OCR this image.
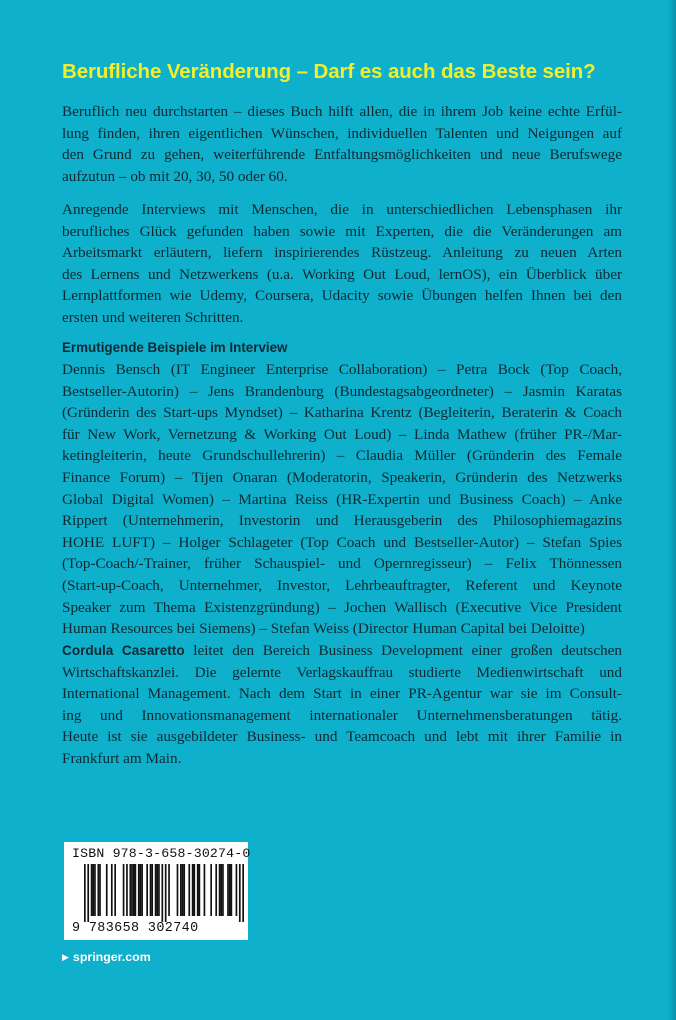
Berufliche Veränderung – Darf es auch das Beste sein?

Beruflich neu durchstarten – dieses Buch hilft allen, die in ihrem Job keine echte Erfül-
lung finden, ihren eigentlichen Wünschen, individuellen Talenten und Neigungen auf
den Grund zu gehen, weiterführende Entfaltungsmöglichkeiten und neue Berufswege
aufzutun – ob mit 20, 30, 50 oder 60.

Anregende Interviews mit Menschen, die in unterschiedlichen Lebensphasen ihr
berufliches Glück gefunden haben sowie mit Experten, die die Veränderungen am
Arbeitsmarkt erläutern, liefern inspirierendes Rüstzeug. Anleitung zu neuen Arten
des Lernens und Netzwerkens (u.a. Working Out Loud, lernOS), ein Überblick über
Lernplattformen wie Udemy, Coursera, Udacity sowie Übungen helfen Ihnen bei den
ersten und weiteren Schritten.

Ermutigende Beispiele im Interview

Dennis Bensch (IT Engineer Enterprise Collaboration) – Petra Bock (Top Coach,
Bestseller-Autorin) – Jens Brandenburg (Bundestagsabgeordneter) – Jasmin Karatas
(Gründerin des Start-ups Myndset) – Katharina Krentz (Begleiterin, Beraterin & Coach
für New Work, Vernetzung & Working Out Loud) – Linda Mathew (früher PR-/Mar-
ketingleiterin, heute Grundschullehrerin) – Claudia Müller (Gründerin des Female
Finance Forum) – Tijen Onaran (Moderatorin, Speakerin, Gründerin des Netzwerks
Global Digital Women) – Martina Reiss (HR-Expertin und Business Coach) – Anke
Rippert (Unternehmerin, Investorin und Herausgeberin des Philosophiemagazins
HOHE LUFT) – Holger Schlageter (Top Coach und Bestseller-Autor) – Stefan Spies
(Top-Coach/-Trainer, früher Schauspiel- und Opernregisseur) – Felix Thönnessen
(Start-up-Coach, Unternehmer, Investor, Lehrbeauftragter, Referent und Keynote
Speaker zum Thema Existenzgründung) – Jochen Wallisch (Executive Vice President
Human Resources bei Siemens) – Stefan Weiss (Director Human Capital bei Deloitte)

Cordula Casaretto leitet den Bereich Business Development einer großen deutschen
Wirtschaftskanzlei. Die gelernte Verlagskauffrau studierte Medienwirtschaft und
International Management. Nach dem Start in einer PR-Agentur war sie im Consult-
ing und Innovationsmanagement internationaler Unternehmensberatungen tätig.
Heute ist sie ausgebildeter Business- und Teamcoach und lebt mit ihrer Familie in
Frankfurt am Main.

ISBN 978-3-658-30274-0
9 783658 302740
▶ springer.com
